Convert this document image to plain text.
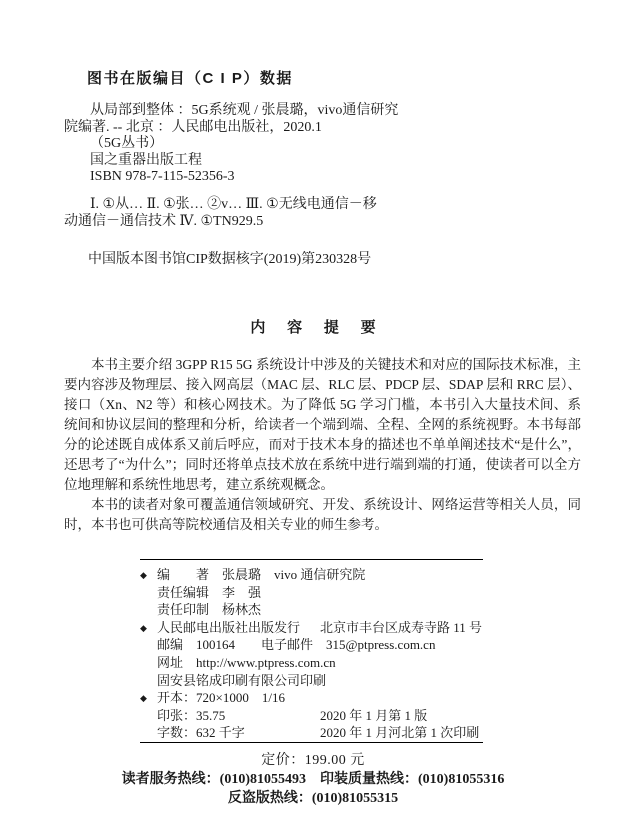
图书在版编目（C I P）数据
从局部到整体 ：5G系统观 / 张晨璐，vivo通信研究
院编著. -- 北京 ：人民邮电出版社，2020.1
（5G丛书）
国之重器出版工程
ISBN 978-7-115-52356-3
Ⅰ. ①从… Ⅱ. ①张… ②v… Ⅲ. ①无线电通信－移
动通信－通信技术 Ⅳ. ①TN929.5
中国版本图书馆CIP数据核字(2019)第230328号
内 容 提 要

本书主要介绍 3GPP R15 5G 系统设计中涉及的关键技术和对应的国际技术标准，主要内容涉及物理层、接入网高层（MAC 层、RLC 层、PDCP 层、SDAP 层和 RRC 层）、接口（Xn、N2 等）和核心网技术。为了降低 5G 学习门槛，本书引入大量技术间、系统间和协议层间的整理和分析，给读者一个端到端、全程、全网的系统视野。本书每部分的论述既自成体系又前后呼应，而对于技术本身的描述也不单单阐述技术“是什么”，还思考了“为什么”；同时还将单点技术放在系统中进行端到端的打通，使读者可以全方位地理解和系统性地思考，建立系统观概念。

本书的读者对象可覆盖通信领域研究、开发、系统设计、网络运营等相关人员，同时，本书也可供高等院校通信及相关专业的师生参考。

◆ 编　　著　张晨璐　vivo 通信研究院
责任编辑　李　强
责任印制　杨林杰
◆ 人民邮电出版社出版发行 北京市丰台区成寿寺路 11 号
邮编　100164　　电子邮件　315@ptpress.com.cn
网址　http://www.ptpress.com.cn
固安县铭成印刷有限公司印刷
◆ 开本：720×1000　1/16
印张：35.75	2020 年 1 月第 1 版
字数：632 千字	2020 年 1 月河北第 1 次印刷
定价：199.00 元
读者服务热线：(010)81055493　印装质量热线：(010)81055316
反盗版热线：(010)81055315
